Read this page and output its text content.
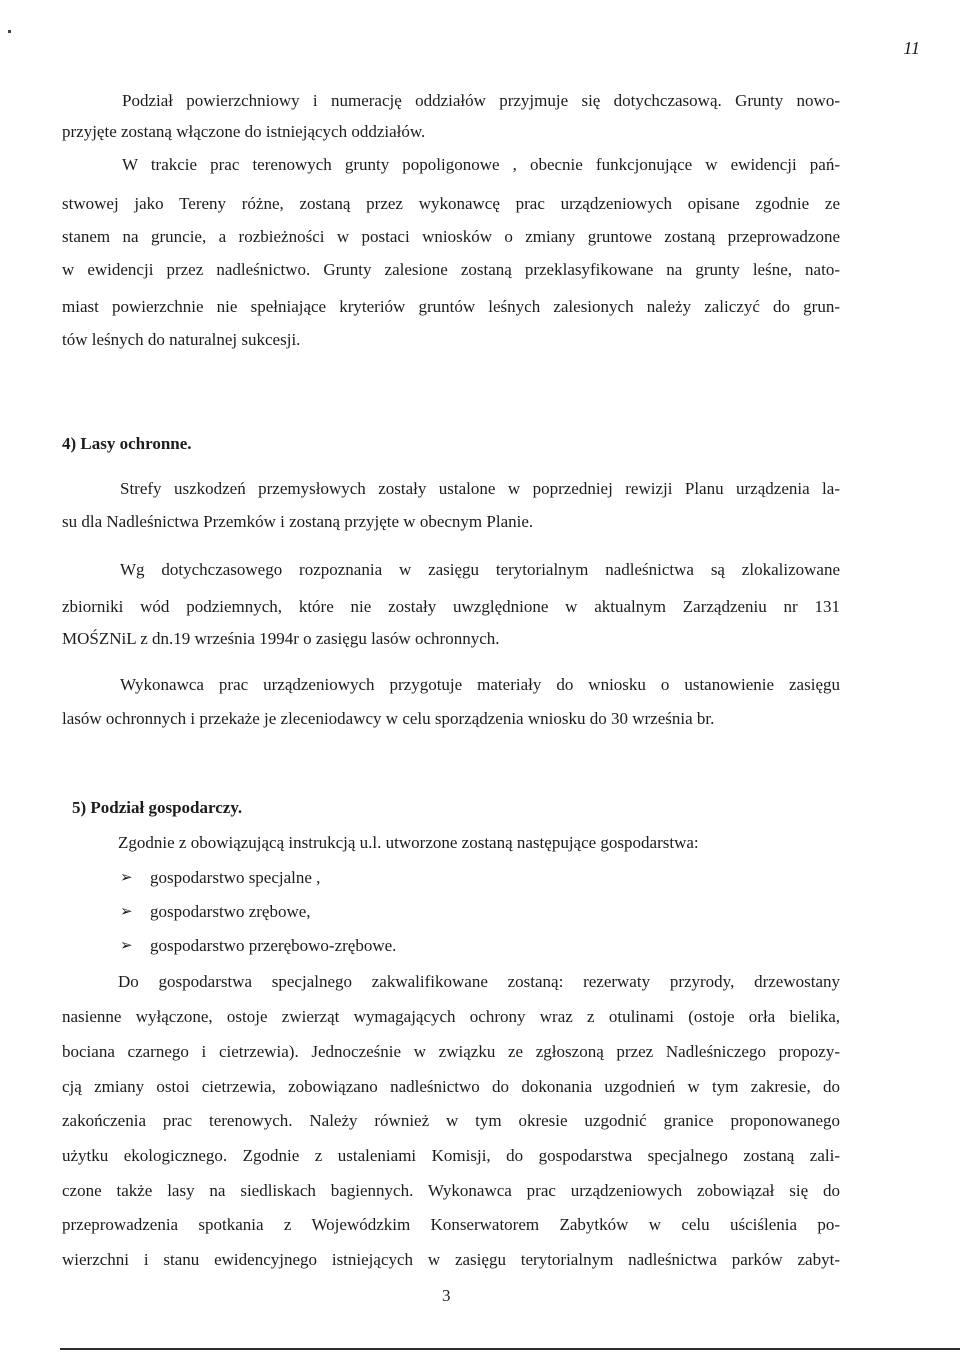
11
Podział powierzchniowy i numerację oddziałów przyjmuje się dotychczasową. Grunty nowo-
przyjęte zostaną włączone do istniejących oddziałów.
W trakcie prac terenowych grunty popoligonowe , obecnie funkcjonujące w ewidencji pań-
stwowej jako Tereny różne, zostaną przez wykonawcę prac urządzeniowych opisane zgodnie ze
stanem na gruncie, a rozbieżności w postaci wniosków o zmiany gruntowe zostaną przeprowadzone
w ewidencji przez nadleśnictwo. Grunty zalesione zostaną przeklasyfikowane na grunty leśne, nato-
miast powierzchnie nie spełniające kryteriów gruntów leśnych zalesionych należy zaliczyć do grun-
tów leśnych do naturalnej sukcesji.
4) Lasy ochronne.
Strefy uszkodzeń przemysłowych zostały ustalone w poprzedniej rewizji Planu urządzenia la-
su dla Nadleśnictwa Przemków i zostaną przyjęte w obecnym Planie.
Wg dotychczasowego rozpoznania w zasięgu terytorialnym nadleśnictwa są zlokalizowane
zbiorniki wód podziemnych, które nie zostały uwzględnione w aktualnym Zarządzeniu nr 131
MOŚZNiL z dn.19 września 1994r o zasięgu lasów ochronnych.
Wykonawca prac urządzeniowych przygotuje materiały do wniosku o ustanowienie zasięgu
lasów ochronnych i przekaże je zleceniodawcy w celu sporządzenia wniosku do 30 września br.
5) Podział gospodarczy.
Zgodnie z obowiązującą instrukcją u.l. utworzone zostaną następujące gospodarstwa:
➢ gospodarstwo specjalne ,
➢ gospodarstwo zrębowe,
➢ gospodarstwo przerębowo-zrębowe.
Do gospodarstwa specjalnego zakwalifikowane zostaną: rezerwaty przyrody, drzewostany
nasienne wyłączone, ostoje zwierząt wymagających ochrony wraz z otulinami (ostoje orła bielika,
bociana czarnego i cietrzewia). Jednocześnie w związku ze zgłoszoną przez Nadleśniczego propozy-
cją zmiany ostoi cietrzewia, zobowiązano nadleśnictwo do dokonania uzgodnień w tym zakresie, do
zakończenia prac terenowych. Należy również w tym okresie uzgodnić granice proponowanego
użytku ekologicznego. Zgodnie z ustaleniami Komisji, do gospodarstwa specjalnego zostaną zali-
czone także lasy na siedliskach bagiennych. Wykonawca prac urządzeniowych zobowiązał się do
przeprowadzenia spotkania z Wojewódzkim Konserwatorem Zabytków w celu uściślenia po-
wierzchni i stanu ewidencyjnego istniejących w zasięgu terytorialnym nadleśnictwa parków zabyt-
3
